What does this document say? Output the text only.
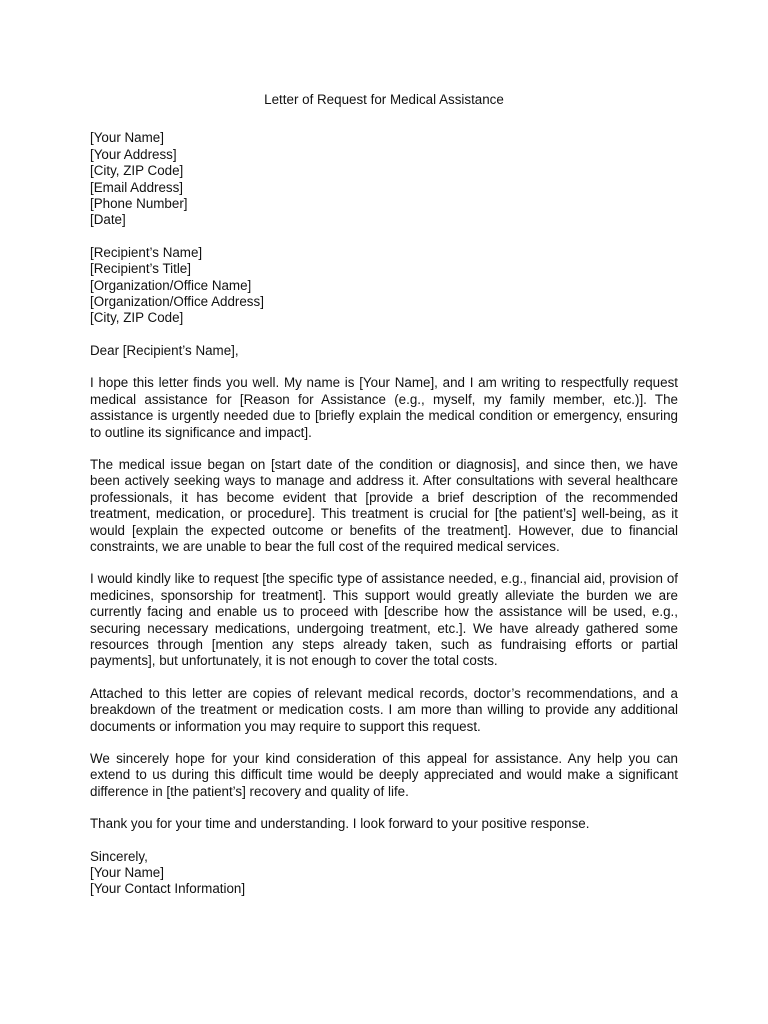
Letter of Request for Medical Assistance
[Your Name]
[Your Address]
[City, ZIP Code]
[Email Address]
[Phone Number]
[Date]
[Recipient’s Name]
[Recipient’s Title]
[Organization/Office Name]
[Organization/Office Address]
[City, ZIP Code]
Dear [Recipient’s Name],

I hope this letter finds you well. My name is [Your Name], and I am writing to respectfully request medical assistance for [Reason for Assistance (e.g., myself, my family member, etc.)]. The assistance is urgently needed due to [briefly explain the medical condition or emergency, ensuring to outline its significance and impact].

The medical issue began on [start date of the condition or diagnosis], and since then, we have been actively seeking ways to manage and address it. After consultations with several healthcare professionals, it has become evident that [provide a brief description of the recommended treatment, medication, or procedure]. This treatment is crucial for [the patient’s] well-being, as it would [explain the expected outcome or benefits of the treatment]. However, due to financial constraints, we are unable to bear the full cost of the required medical services.

I would kindly like to request [the specific type of assistance needed, e.g., financial aid, provision of medicines, sponsorship for treatment]. This support would greatly alleviate the burden we are currently facing and enable us to proceed with [describe how the assistance will be used, e.g., securing necessary medications, undergoing treatment, etc.]. We have already gathered some resources through [mention any steps already taken, such as fundraising efforts or partial payments], but unfortunately, it is not enough to cover the total costs.

Attached to this letter are copies of relevant medical records, doctor’s recommendations, and a breakdown of the treatment or medication costs. I am more than willing to provide any additional documents or information you may require to support this request.

We sincerely hope for your kind consideration of this appeal for assistance. Any help you can extend to us during this difficult time would be deeply appreciated and would make a significant difference in [the patient’s] recovery and quality of life.

Thank you for your time and understanding. I look forward to your positive response.

Sincerely,
[Your Name]
[Your Contact Information]
